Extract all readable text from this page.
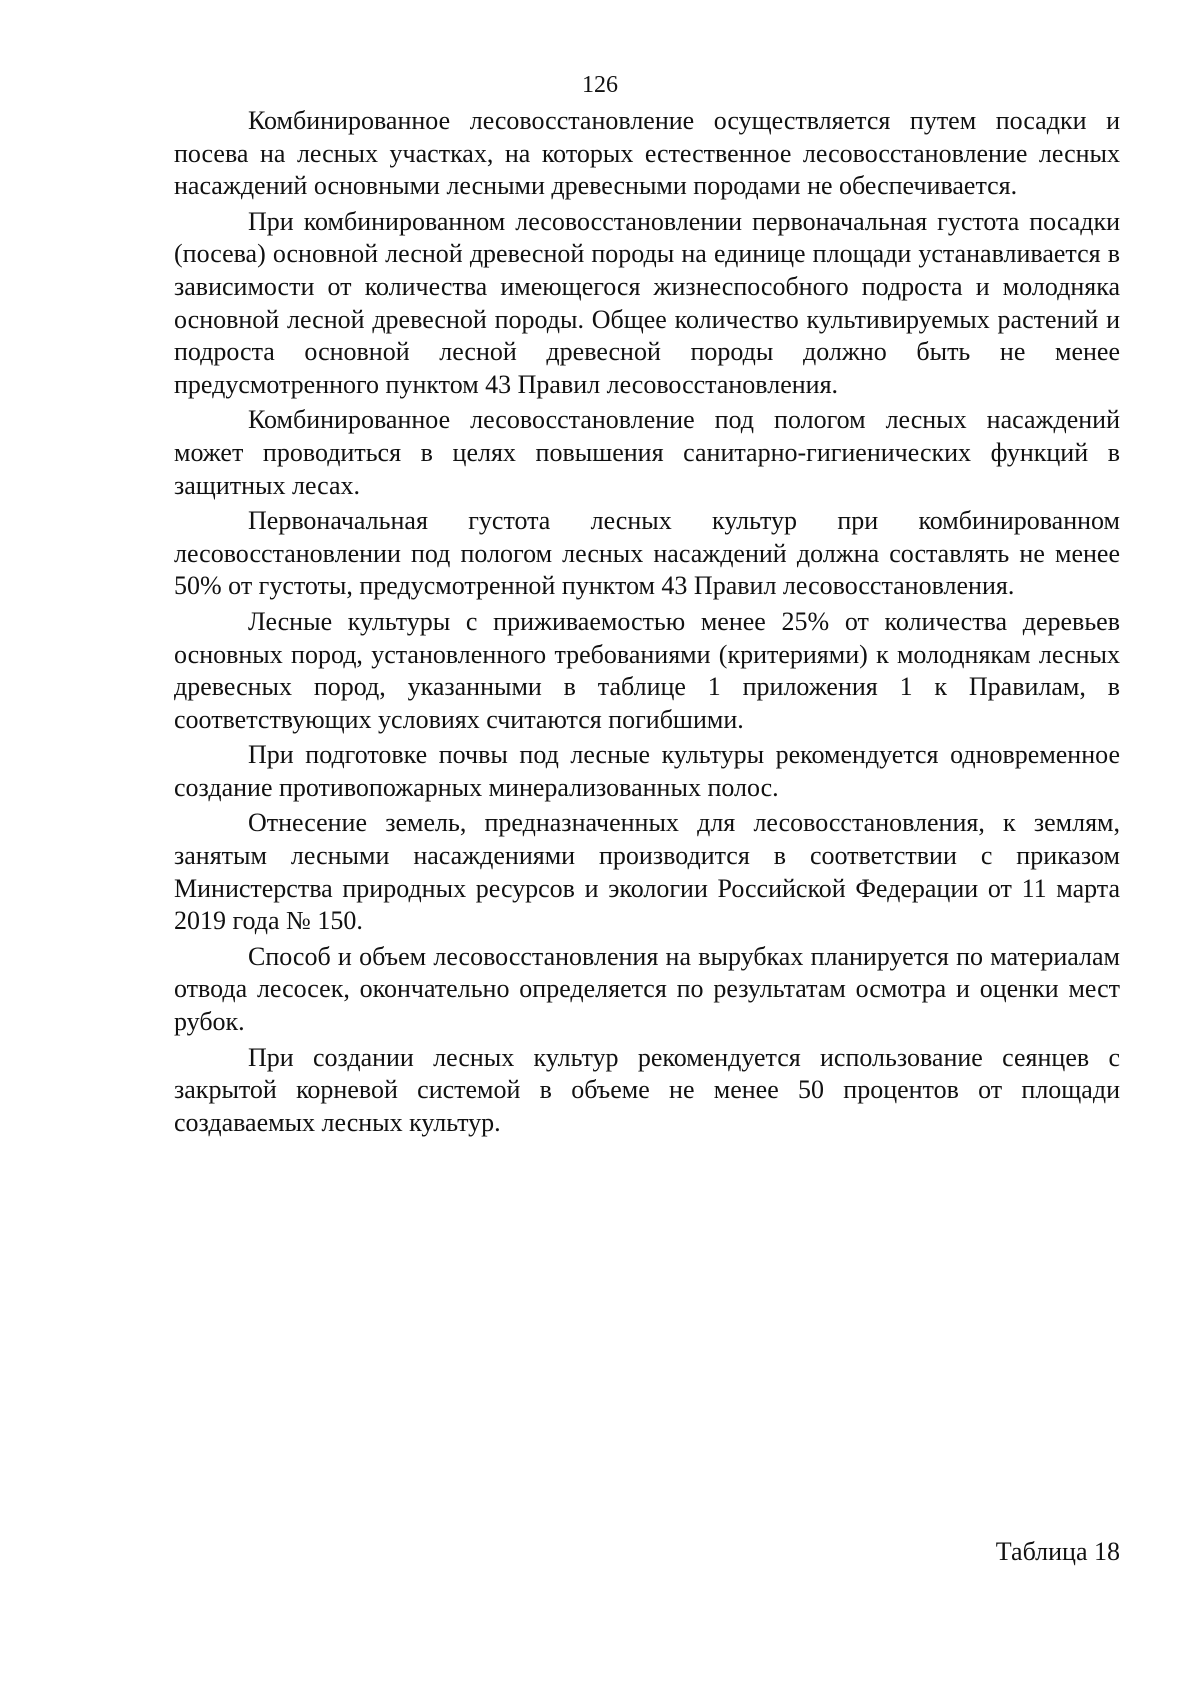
126

Комбинированное лесовосстановление осуществляется путем посадки и посева на лесных участках, на которых естественное лесовосстановление лесных насаждений основными лесными древесными породами не обеспечивается.

При комбинированном лесовосстановлении первоначальная густота посадки (посева) основной лесной древесной породы на единице площади устанавливается в зависимости от количества имеющегося жизнеспособного подроста и молодняка основной лесной древесной породы. Общее количество культивируемых растений и подроста основной лесной древесной породы должно быть не менее предусмотренного пунктом 43 Правил лесовосстановления.

Комбинированное лесовосстановление под пологом лесных насаждений может проводиться в целях повышения санитарно-гигиенических функций в защитных лесах.

Первоначальная густота лесных культур при комбинированном лесовосстановлении под пологом лесных насаждений должна составлять не менее 50% от густоты, предусмотренной пунктом 43 Правил лесовосстановления.

Лесные культуры с приживаемостью менее 25% от количества деревьев основных пород, установленного требованиями (критериями) к молоднякам лесных древесных пород, указанными в таблице 1 приложения 1 к Правилам, в соответствующих условиях считаются погибшими.

При подготовке почвы под лесные культуры рекомендуется одновременное создание противопожарных минерализованных полос.

Отнесение земель, предназначенных для лесовосстановления, к землям, занятым лесными насаждениями производится в соответствии с приказом Министерства природных ресурсов и экологии Российской Федерации от 11 марта 2019 года № 150.

Способ и объем лесовосстановления на вырубках планируется по материалам отвода лесосек, окончательно определяется по результатам осмотра и оценки мест рубок.

При создании лесных культур рекомендуется использование сеянцев с закрытой корневой системой в объеме не менее 50 процентов от площади создаваемых лесных культур.

Таблица 18
